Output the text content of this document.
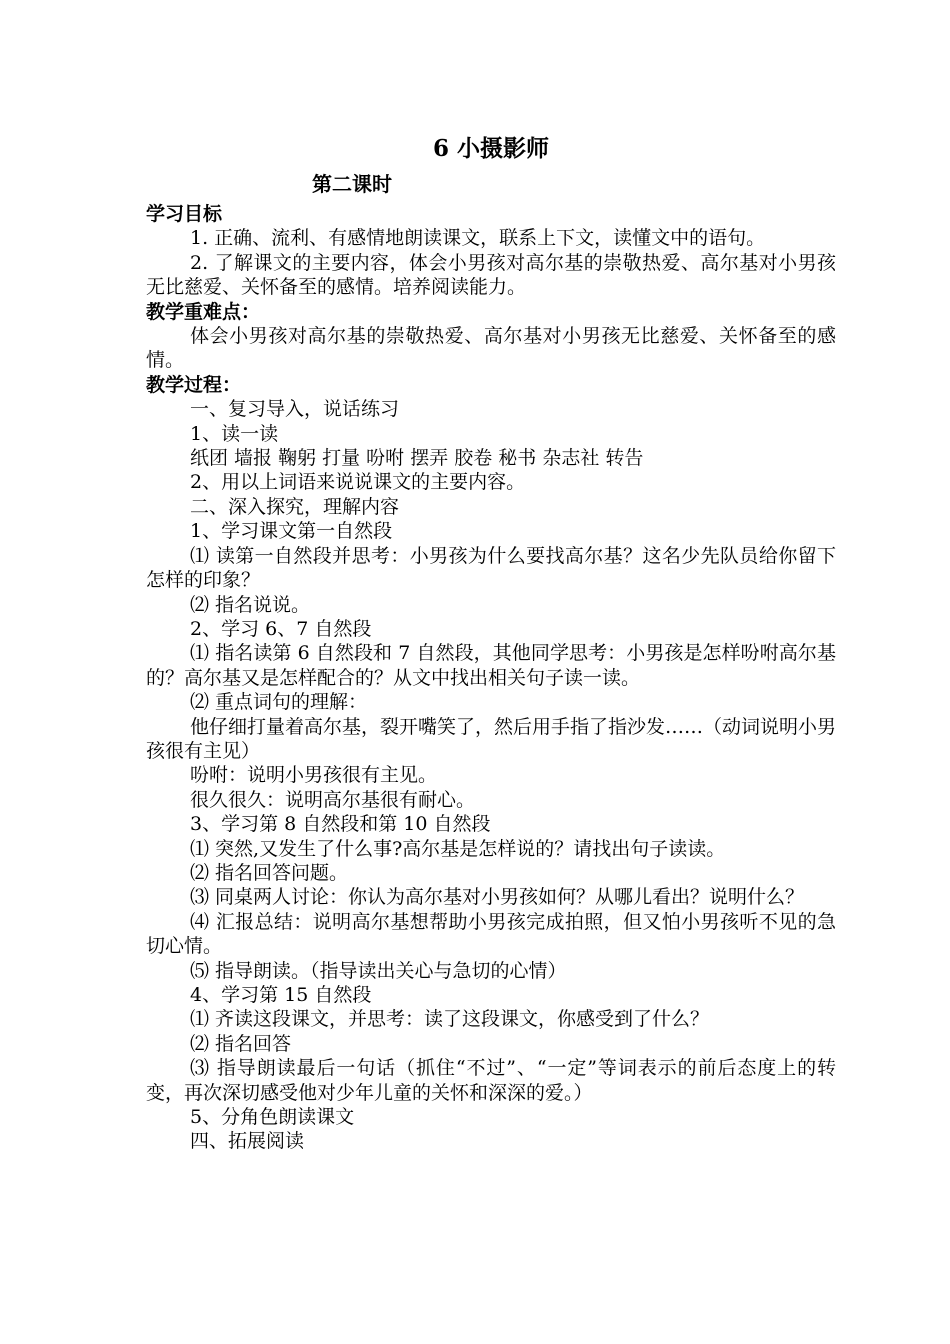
6 小摄影师
第二课时
学习目标
1. 正确、流利、有感情地朗读课文，联系上下文，读懂文中的语句。
2. 了解课文的主要内容，体会小男孩对高尔基的崇敬热爱、高尔基对小男孩无比慈爱、关怀备至的感情。培养阅读能力。
教学重难点：
体会小男孩对高尔基的崇敬热爱、高尔基对小男孩无比慈爱、关怀备至的感情。
教学过程：
一、复习导入，说话练习
1、读一读
纸团 墙报 鞠躬 打量 吩咐 摆弄 胶卷 秘书 杂志社 转告
2、用以上词语来说说课文的主要内容。
二、深入探究，理解内容
1、学习课文第一自然段
⑴ 读第一自然段并思考：小男孩为什么要找高尔基？这名少先队员给你留下怎样的印象？
⑵ 指名说说。
2、学习 6、7 自然段
⑴ 指名读第 6 自然段和 7 自然段，其他同学思考：小男孩是怎样吩咐高尔基的？高尔基又是怎样配合的？从文中找出相关句子读一读。
⑵ 重点词句的理解：
他仔细打量着高尔基，裂开嘴笑了，然后用手指了指沙发……（动词说明小男孩很有主见）
吩咐：说明小男孩很有主见。
很久很久：说明高尔基很有耐心。
3、学习第 8 自然段和第 10 自然段
⑴ 突然,又发生了什么事?高尔基是怎样说的？请找出句子读读。
⑵ 指名回答问题。
⑶ 同桌两人讨论：你认为高尔基对小男孩如何？从哪儿看出？说明什么？
⑷ 汇报总结：说明高尔基想帮助小男孩完成拍照，但又怕小男孩听不见的急切心情。
⑸ 指导朗读。（指导读出关心与急切的心情）
4、学习第 15 自然段
⑴ 齐读这段课文，并思考：读了这段课文，你感受到了什么？
⑵ 指名回答
⑶ 指导朗读最后一句话（抓住“不过”、“一定”等词表示的前后态度上的转变，再次深切感受他对少年儿童的关怀和深深的爱。）
5、分角色朗读课文
四、拓展阅读
